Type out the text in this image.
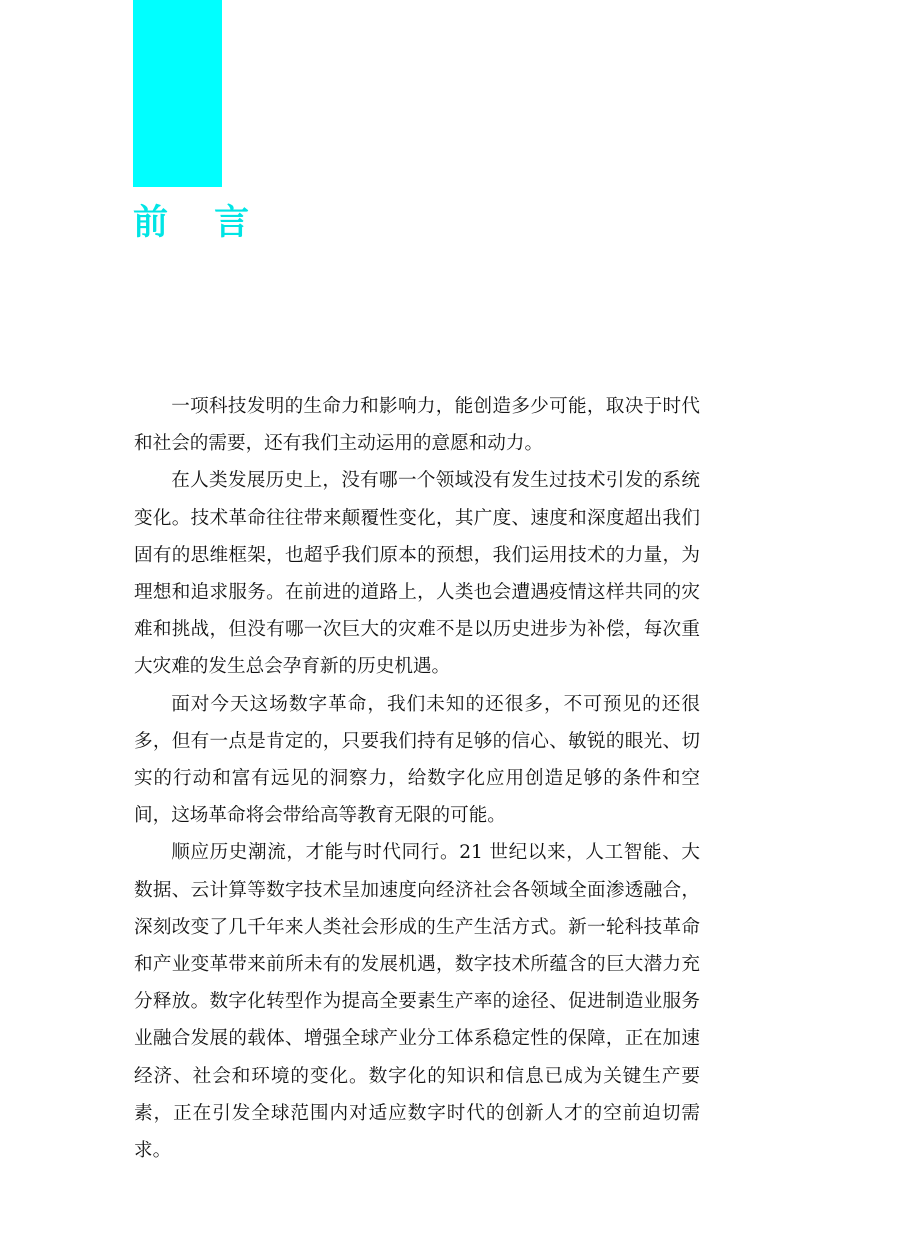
前 言

一项科技发明的生命力和影响力，能创造多少可能，取决于时代和社会的需要，还有我们主动运用的意愿和动力。

在人类发展历史上，没有哪一个领域没有发生过技术引发的系统变化。技术革命往往带来颠覆性变化，其广度、速度和深度超出我们固有的思维框架，也超乎我们原本的预想，我们运用技术的力量，为理想和追求服务。在前进的道路上，人类也会遭遇疫情这样共同的灾难和挑战，但没有哪一次巨大的灾难不是以历史进步为补偿，每次重大灾难的发生总会孕育新的历史机遇。

面对今天这场数字革命，我们未知的还很多，不可预见的还很多，但有一点是肯定的，只要我们持有足够的信心、敏锐的眼光、切实的行动和富有远见的洞察力，给数字化应用创造足够的条件和空间，这场革命将会带给高等教育无限的可能。

顺应历史潮流，才能与时代同行。21 世纪以来，人工智能、大数据、云计算等数字技术呈加速度向经济社会各领域全面渗透融合，深刻改变了几千年来人类社会形成的生产生活方式。新一轮科技革命和产业变革带来前所未有的发展机遇，数字技术所蕴含的巨大潜力充分释放。数字化转型作为提高全要素生产率的途径、促进制造业服务业融合发展的载体、增强全球产业分工体系稳定性的保障，正在加速经济、社会和环境的变化。数字化的知识和信息已成为关键生产要素，正在引发全球范围内对适应数字时代的创新人才的空前迫切需求。
